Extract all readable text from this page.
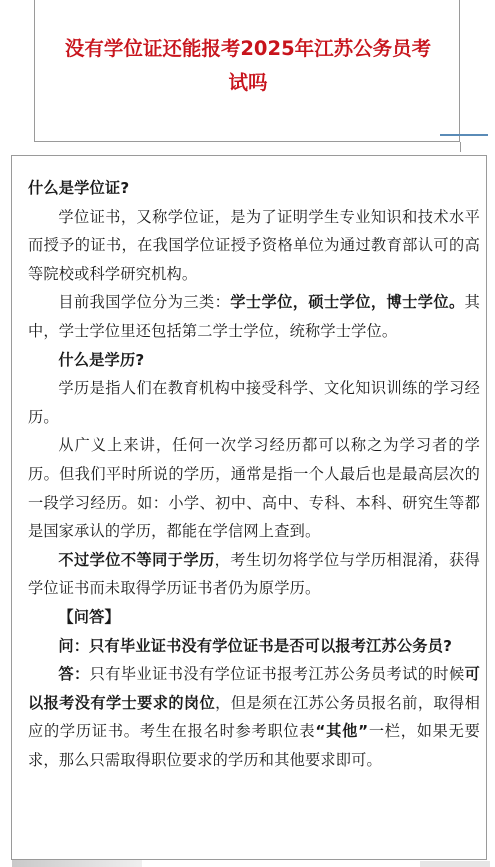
没有学位证还能报考2025年江苏公务员考试吗

什么是学位证?

学位证书，又称学位证，是为了证明学生专业知识和技术水平而授予的证书，在我国学位证授予资格单位为通过教育部认可的高等院校或科学研究机构。

目前我国学位分为三类：学士学位，硕士学位，博士学位。其中，学士学位里还包括第二学士学位，统称学士学位。

什么是学历?

学历是指人们在教育机构中接受科学、文化知识训练的学习经历。

从广义上来讲，任何一次学习经历都可以称之为学习者的学历。但我们平时所说的学历，通常是指一个人最后也是最高层次的一段学习经历。如：小学、初中、高中、专科、本科、研究生等都是国家承认的学历，都能在学信网上查到。

不过学位不等同于学历，考生切勿将学位与学历相混淆，获得学位证书而未取得学历证书者仍为原学历。

【问答】

问：只有毕业证书没有学位证书是否可以报考江苏公务员?

答：只有毕业证书没有学位证书报考江苏公务员考试的时候可以报考没有学士要求的岗位，但是须在江苏公务员报名前，取得相应的学历证书。考生在报名时参考职位表“其他”一栏，如果无要求，那么只需取得职位要求的学历和其他要求即可。
